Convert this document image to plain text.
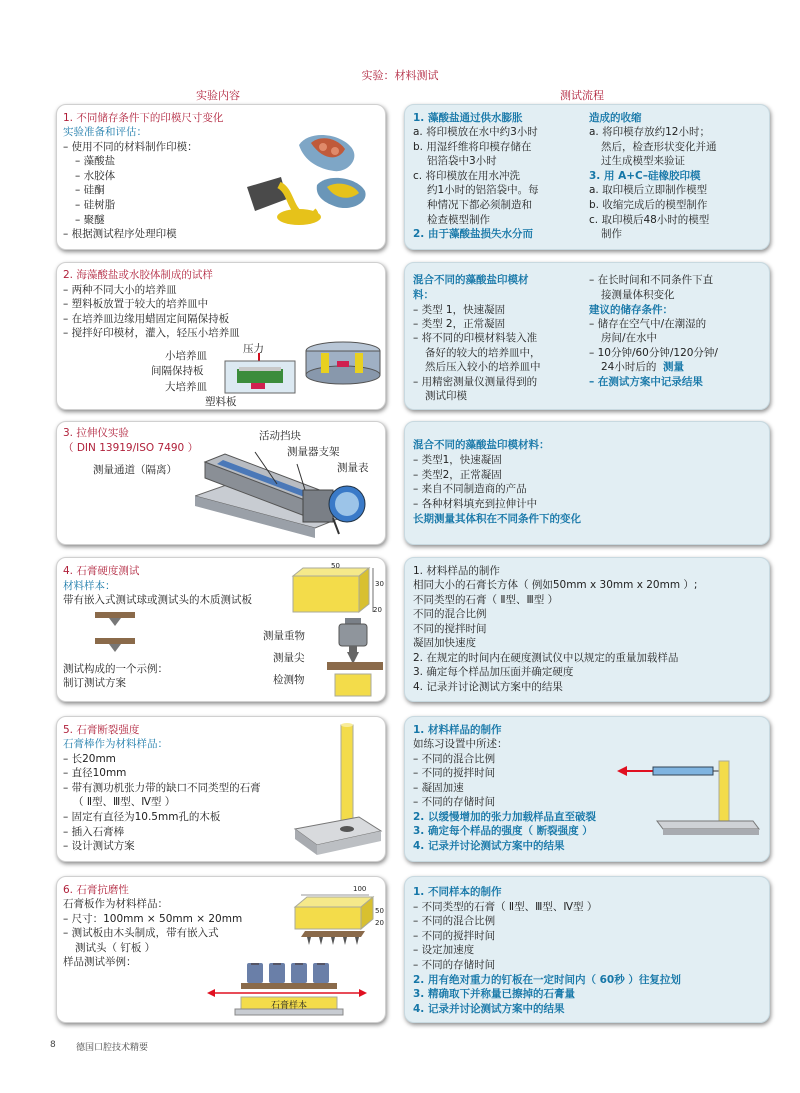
实验：材料测试
实验内容	测试流程
1. 不同储存条件下的印模尺寸变化
实验准备和评估：
– 使用不同的材料制作印模：
– 藻酸盐
– 水胶体
– 硅酮
– 硅树脂
– 聚醚
– 根据测试程序处理印模
1. 藻酸盐通过供水膨胀
a. 将印模放在水中约3小时
b. 用湿纤维将印模存储在
铝箔袋中3小时
c. 将印模放在用水冲洗
约1小时的铝箔袋中。每
种情况下都必须制造和
检查模型制作
2. 由于藻酸盐损失水分而
造成的收缩
a. 将印模存放约12小时；
然后，检查形状变化并通
过生成模型来验证
3. 用 A+C–硅橡胶印模
a. 取印模后立即制作模型
b. 收缩完成后的模型制作
c. 取印模后48小时的模型
制作
2. 海藻酸盐或水胶体制成的试样
– 两种不同大小的培养皿
– 塑料板放置于较大的培养皿中
– 在培养皿边缘用蜡固定间隔保持板
– 搅拌好印模材，灌入，轻压小培养皿
小培养皿
压力
间隔保持板
大培养皿
塑料板
混合不同的藻酸盐印模材
料：
– 类型 1，快速凝固
– 类型 2，正常凝固
– 将不同的印模材料装入准
备好的较大的培养皿中，
然后压入较小的培养皿中
– 用精密测量仪测量得到的
测试印模
– 在长时间和不同条件下直
接测量体积变化
建议的储存条件：
– 储存在空气中/在潮湿的
房间/在水中
– 10分钟/60分钟/120分钟/
24小时后的 测量
– 在测试方案中记录结果
3. 拉伸仪实验
（ DIN 13919/ISO 7490 ）
活动挡块
测量器支架
测量通道（隔离）	测量表
混合不同的藻酸盐印模材料：
– 类型1，快速凝固
– 类型2，正常凝固
– 来自不同制造商的产品
– 各种材料填充到拉伸计中
长期测量其体积在不同条件下的变化
4. 石膏硬度测试
材料样本：
带有嵌入式测试球或测试头的木质测试板
测试构成的一个示例：
制订测试方案
测量重物
测量尖
检测物
50
30
20
1. 材料样品的制作
相同大小的石膏长方体（ 例如50mm x 30mm x 20mm ）;
不同类型的石膏（ Ⅱ型、Ⅲ型 ）
不同的混合比例
不同的搅拌时间
凝固加快速度
2. 在规定的时间内在硬度测试仪中以规定的重量加载样品
3. 确定每个样品加压面并确定硬度
4. 记录并讨论测试方案中的结果
5. 石膏断裂强度
石膏棒作为材料样品：
– 长20mm
– 直径10mm
– 带有测功机张力带的缺口不同类型的石膏
（ Ⅱ型、Ⅲ型、Ⅳ型 ）
– 固定有直径为10.5mm孔的木板
– 插入石膏棒
– 设计测试方案
1. 材料样品的制作
如练习设置中所述：
– 不同的混合比例
– 不同的搅拌时间
– 凝固加速
– 不同的存储时间
2. 以缓慢增加的张力加载样品直至破裂
3. 确定每个样品的强度（ 断裂强度 ）
4. 记录并讨论测试方案中的结果
6. 石膏抗磨性
石膏板作为材料样品：
– 尺寸：100mm × 50mm × 20mm
– 测试板由木头制成，带有嵌入式
测试头（ 钉板 ）
样品测试举例：
100
50
20
石膏样本
1. 不同样本的制作
– 不同类型的石膏（ Ⅱ型、Ⅲ型、Ⅳ型 ）
– 不同的混合比例
– 不同的搅拌时间
– 设定加速度
– 不同的存储时间
2. 用有绝对重力的钉板在一定时间内（ 60秒 ）往复拉划
3. 精确取下并称量已擦掉的石膏量
4. 记录并讨论测试方案中的结果
8 德国口腔技术精要
